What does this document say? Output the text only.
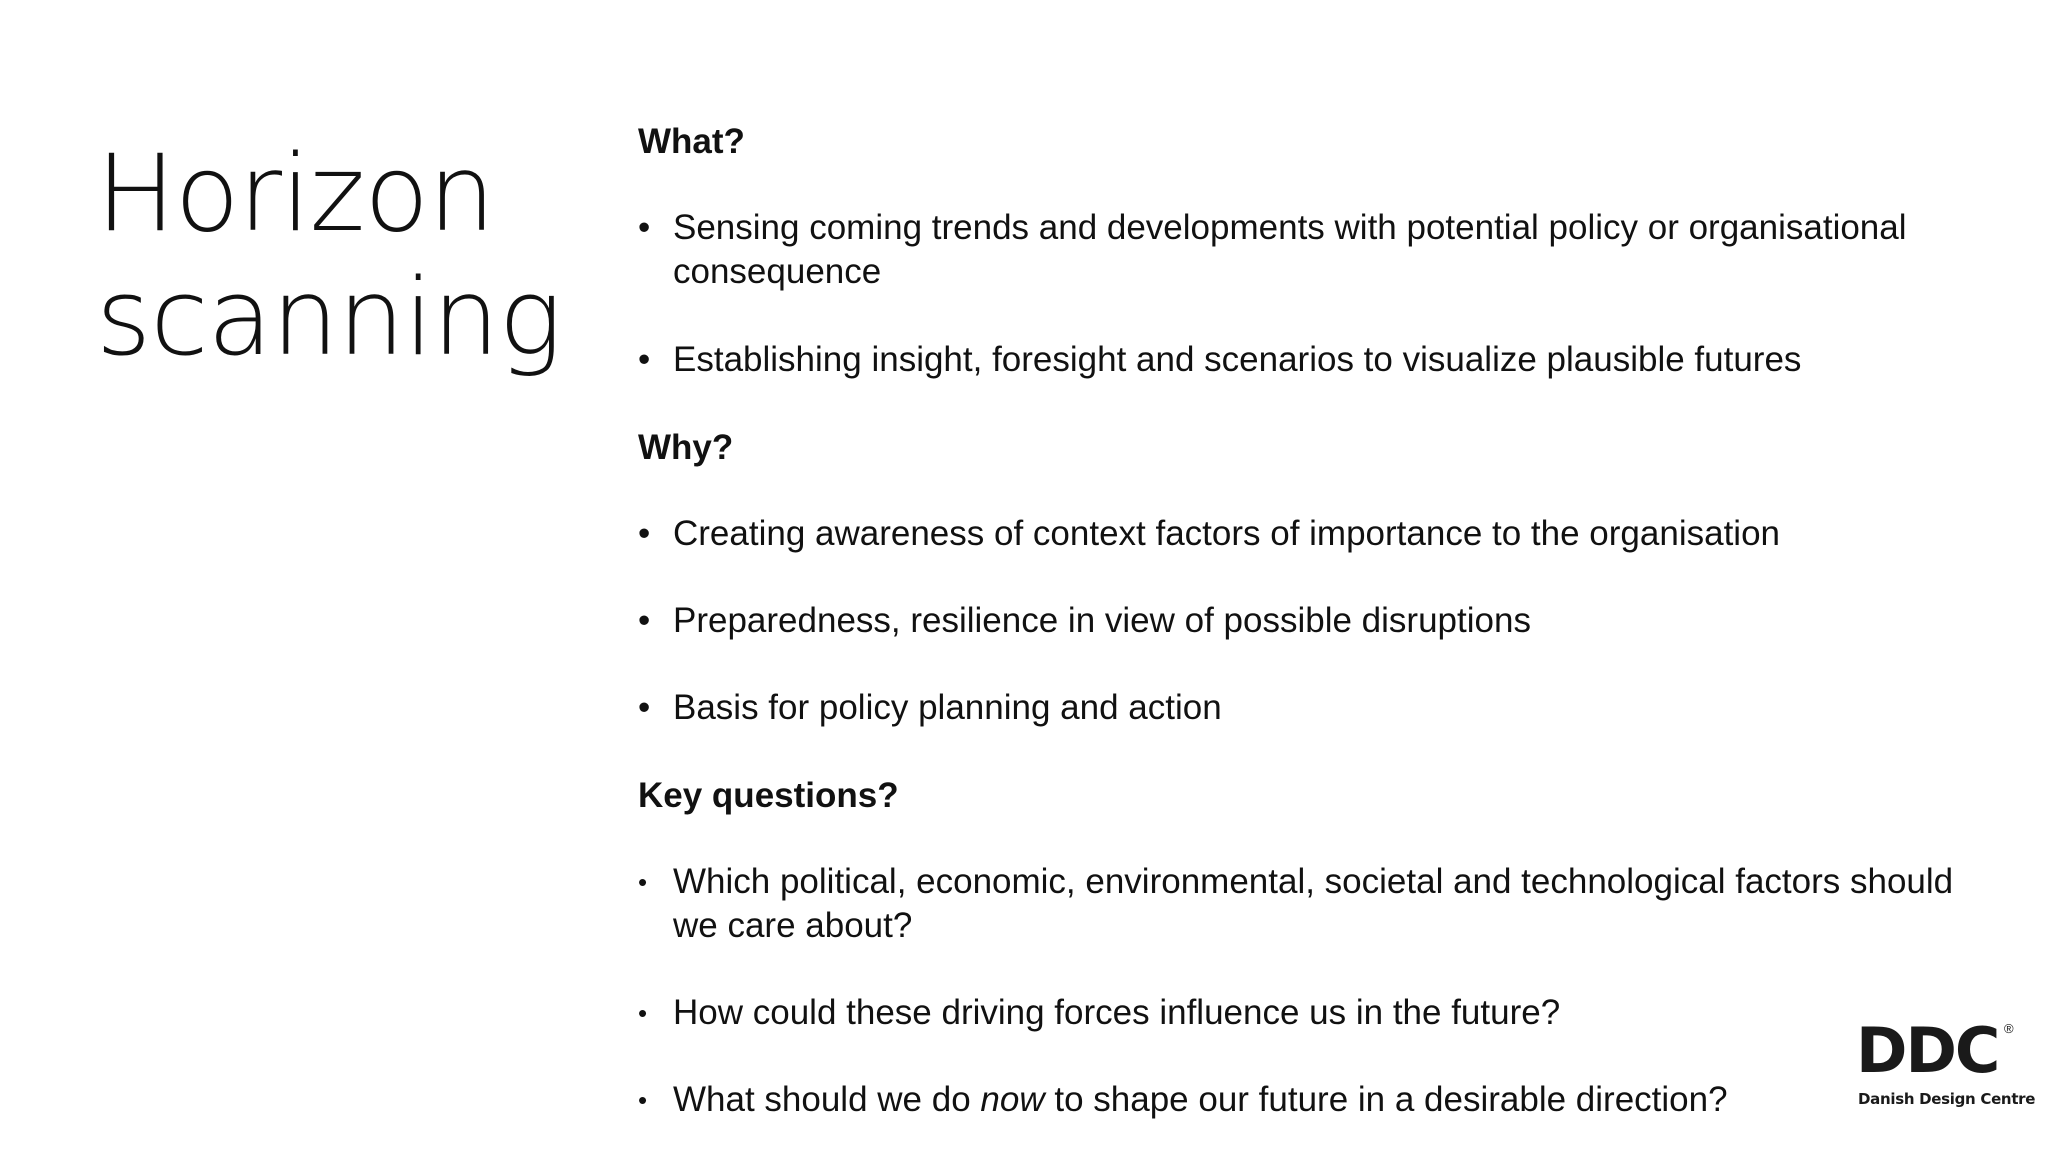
Horizon
scanning
What?
• Sensing coming trends and developments with potential policy or organisational consequence
• Establishing insight, foresight and scenarios to visualize plausible futures
Why?
• Creating awareness of context factors of importance to the organisation
• Preparedness, resilience in view of possible disruptions
• Basis for policy planning and action
Key questions?
• Which political, economic, environmental, societal and technological factors should we care about?
• How could these driving forces influence us in the future?
• What should we do now to shape our future in a desirable direction?
DDC ®
Danish Design Centre
